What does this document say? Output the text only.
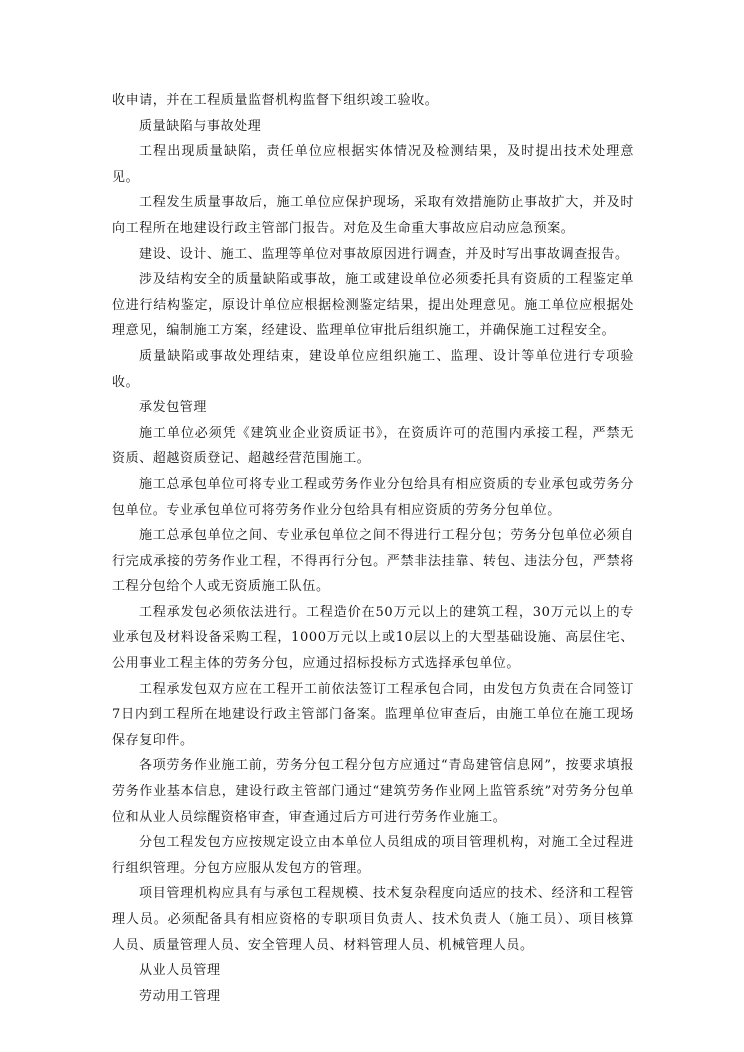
收申请，并在工程质量监督机构监督下组织竣工验收。

质量缺陷与事故处理

工程出现质量缺陷，责任单位应根据实体情况及检测结果，及时提出技术处理意见。

工程发生质量事故后，施工单位应保护现场，采取有效措施防止事故扩大，并及时向工程所在地建设行政主管部门报告。对危及生命重大事故应启动应急预案。

建设、设计、施工、监理等单位对事故原因进行调查，并及时写出事故调查报告。

涉及结构安全的质量缺陷或事故，施工或建设单位必须委托具有资质的工程鉴定单位进行结构鉴定，原设计单位应根据检测鉴定结果，提出处理意见。施工单位应根据处理意见，编制施工方案，经建设、监理单位审批后组织施工，并确保施工过程安全。

质量缺陷或事故处理结束，建设单位应组织施工、监理、设计等单位进行专项验收。

承发包管理

施工单位必须凭《建筑业企业资质证书》，在资质许可的范围内承接工程，严禁无资质、超越资质登记、超越经营范围施工。

施工总承包单位可将专业工程或劳务作业分包给具有相应资质的专业承包或劳务分包单位。专业承包单位可将劳务作业分包给具有相应资质的劳务分包单位。

施工总承包单位之间、专业承包单位之间不得进行工程分包；劳务分包单位必须自行完成承接的劳务作业工程，不得再行分包。严禁非法挂靠、转包、违法分包，严禁将工程分包给个人或无资质施工队伍。

工程承发包必须依法进行。工程造价在50万元以上的建筑工程，30万元以上的专业承包及材料设备采购工程，1000万元以上或10层以上的大型基础设施、高层住宅、公用事业工程主体的劳务分包，应通过招标投标方式选择承包单位。

工程承发包双方应在工程开工前依法签订工程承包合同，由发包方负责在合同签订7日内到工程所在地建设行政主管部门备案。监理单位审查后，由施工单位在施工现场保存复印件。

各项劳务作业施工前，劳务分包工程分包方应通过“青岛建管信息网”，按要求填报劳务作业基本信息，建设行政主管部门通过“建筑劳务作业网上监管系统”对劳务分包单位和从业人员综醒资格审查，审查通过后方可进行劳务作业施工。

分包工程发包方应按规定设立由本单位人员组成的项目管理机构，对施工全过程进行组织管理。分包方应服从发包方的管理。

项目管理机构应具有与承包工程规模、技术复杂程度向适应的技术、经济和工程管理人员。必须配备具有相应资格的专职项目负责人、技术负责人（施工员）、项目核算人员、质量管理人员、安全管理人员、材料管理人员、机械管理人员。

从业人员管理

劳动用工管理
